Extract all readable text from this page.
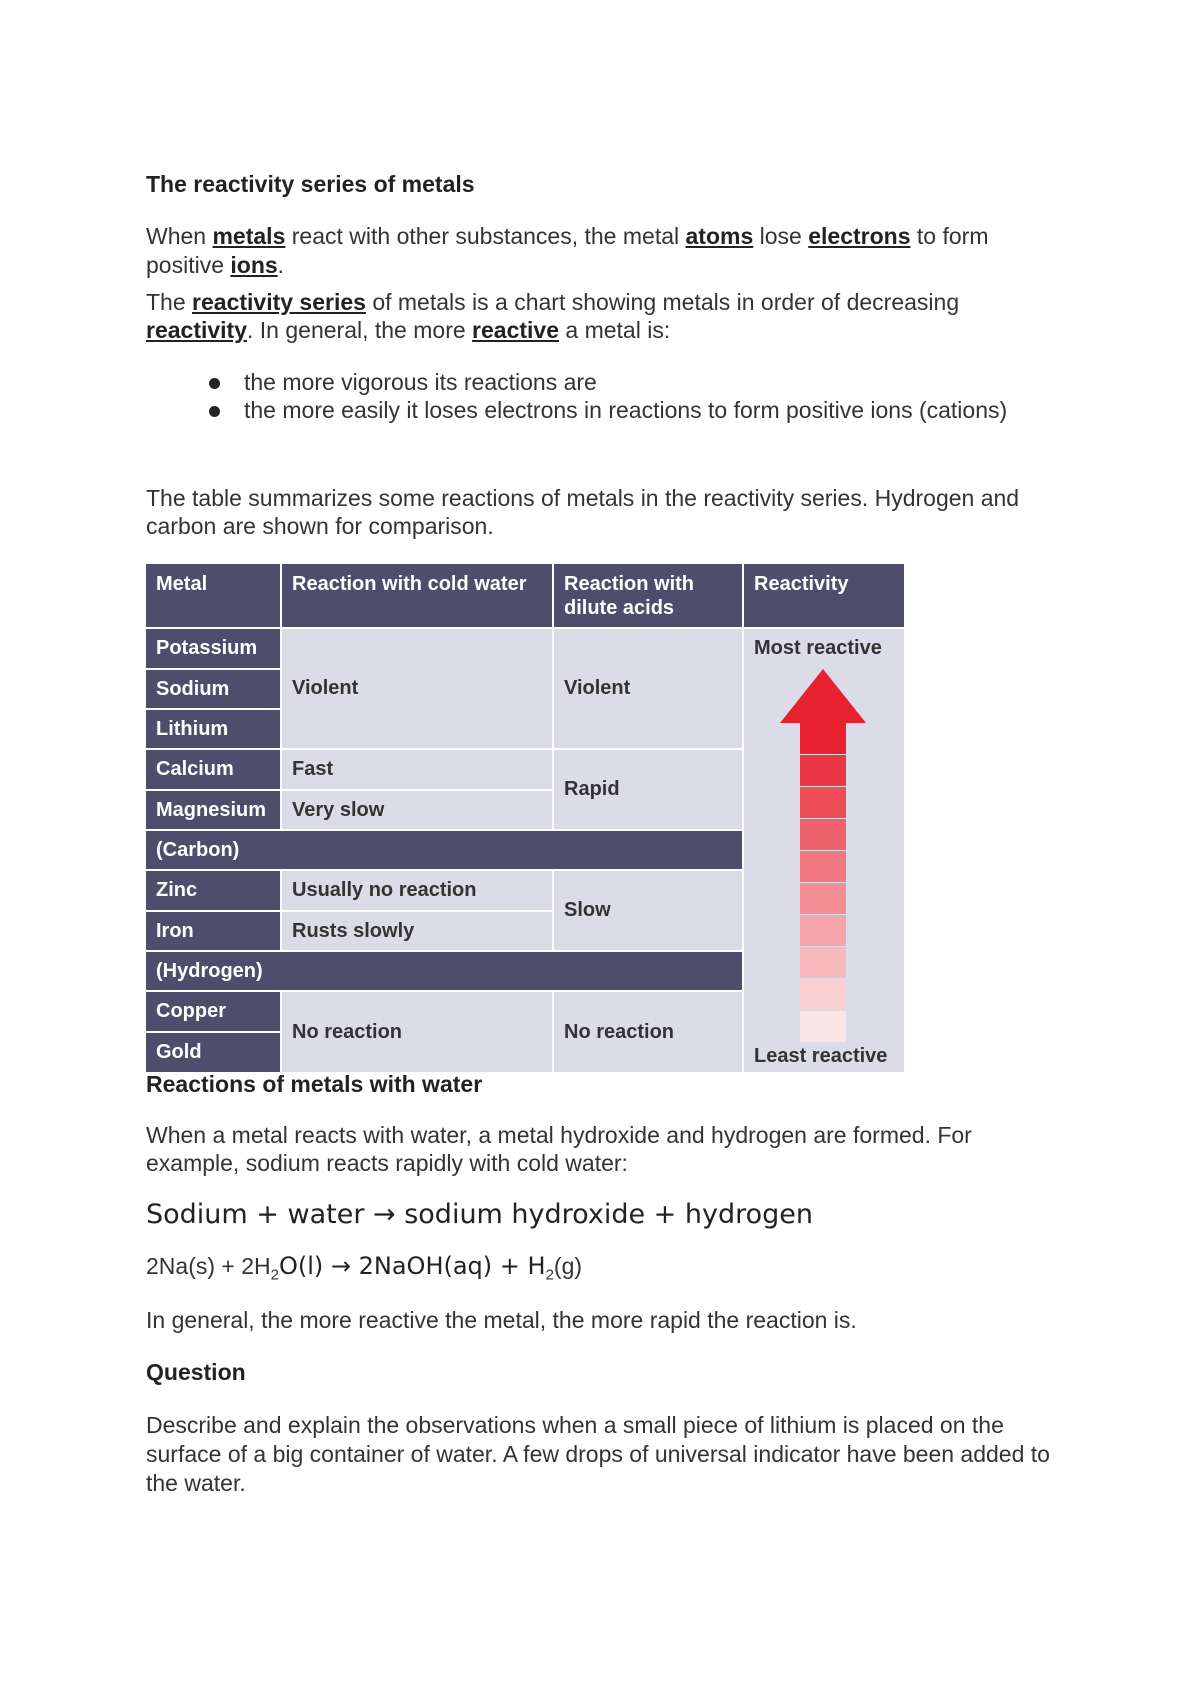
The reactivity series of metals

When metals react with other substances, the metal atoms lose electrons to form positive ions.

The reactivity series of metals is a chart showing metals in order of decreasing reactivity. In general, the more reactive a metal is:

the more vigorous its reactions are
the more easily it loses electrons in reactions to form positive ions (cations)

The table summarizes some reactions of metals in the reactivity series. Hydrogen and carbon are shown for comparison.

Metal	Reaction with cold water	Reaction with dilute acids
Reactivity
Potassium
Sodium
Lithium
Calcium
Magnesium
(Carbon)
Zinc
Iron
(Hydrogen)
Copper
Gold
Violent
Fast
Very slow
Usually no reaction
Rusts slowly
No reaction
Violent
Rapid
Slow
No reaction
Most reactive
Least reactive
Reactions of metals with water

When a metal reacts with water, a metal hydroxide and hydrogen are formed. For example, sodium reacts rapidly with cold water:

Sodium + water → sodium hydroxide + hydrogen

$2Na(s) + 2H_2O(l)$ → 2NaOH(aq) + $H_2(g)$

In general, the more reactive the metal, the more rapid the reaction is.

Question

Describe and explain the observations when a small piece of lithium is placed on the surface of a big container of water. A few drops of universal indicator have been added to the water.
